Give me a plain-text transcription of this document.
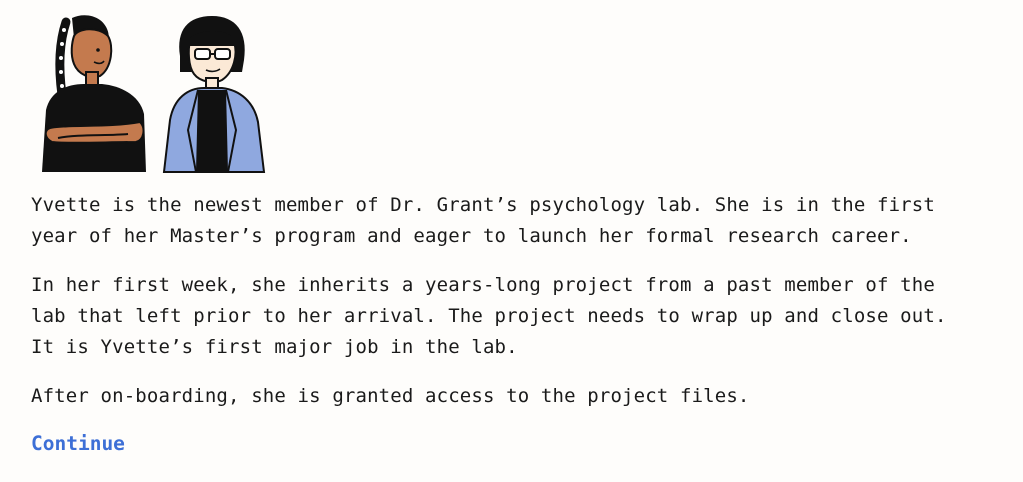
Yvette is the newest member of Dr. Grant’s psychology lab. She is in the first
year of her Master’s program and eager to launch her formal research career.

In her first week, she inherits a years-long project from a past member of the
lab that left prior to her arrival. The project needs to wrap up and close out.
It is Yvette’s first major job in the lab.

After on-boarding, she is granted access to the project files.

Continue
